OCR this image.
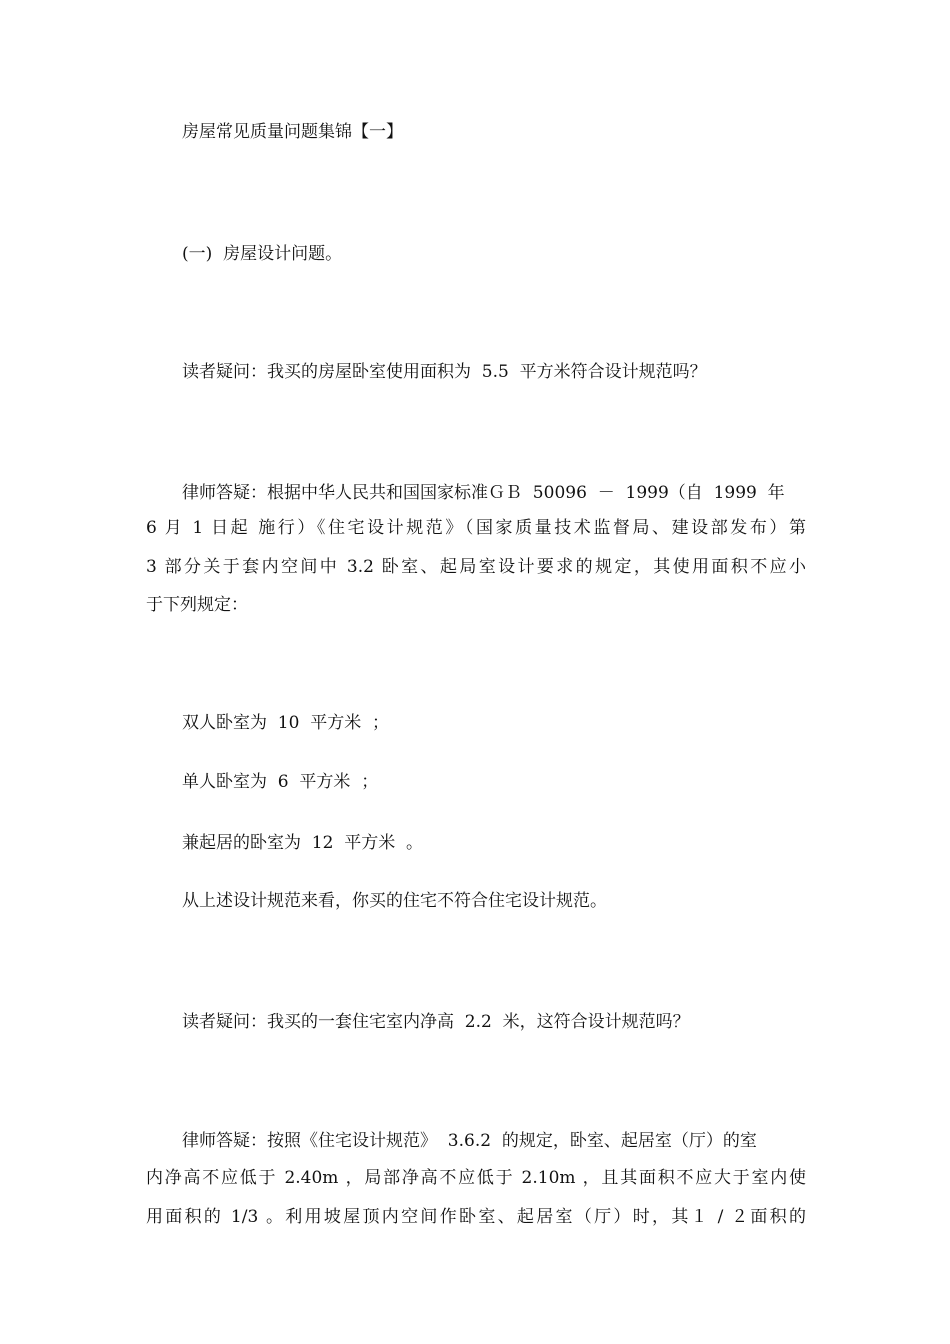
房屋常见质量问题集锦【一】

(一)  房屋设计问题。

读者疑问：我买的房屋卧室使用面积为  5.5  平方米符合设计规范吗？

律师答疑：根据中华人民共和国国家标准ＧＢ  50096  －  1999（自  1999  年

6 月 1 日起 施行）《住宅设计规范》（国家质量技术监督局、建设部发布）第

3 部分关于套内空间中 3.2 卧室、起局室设计要求的规定，其使用面积不应小

于下列规定：

双人卧室为  10  平方米  ；

单人卧室为  6  平方米  ；

兼起居的卧室为  12  平方米  。

从上述设计规范来看，你买的住宅不符合住宅设计规范。

读者疑问：我买的一套住宅室内净高  2.2  米，这符合设计规范吗？

律师答疑：按照《住宅设计规范》  3.6.2  的规定，卧室、起居室（厅）的室

内净高不应低于 2.40m ，局部净高不应低于 2.10m ，且其面积不应大于室内使

用面积的 1/3 。利用坡屋顶内空间作卧室、起居室（厅）时，其１ / ２面积的
